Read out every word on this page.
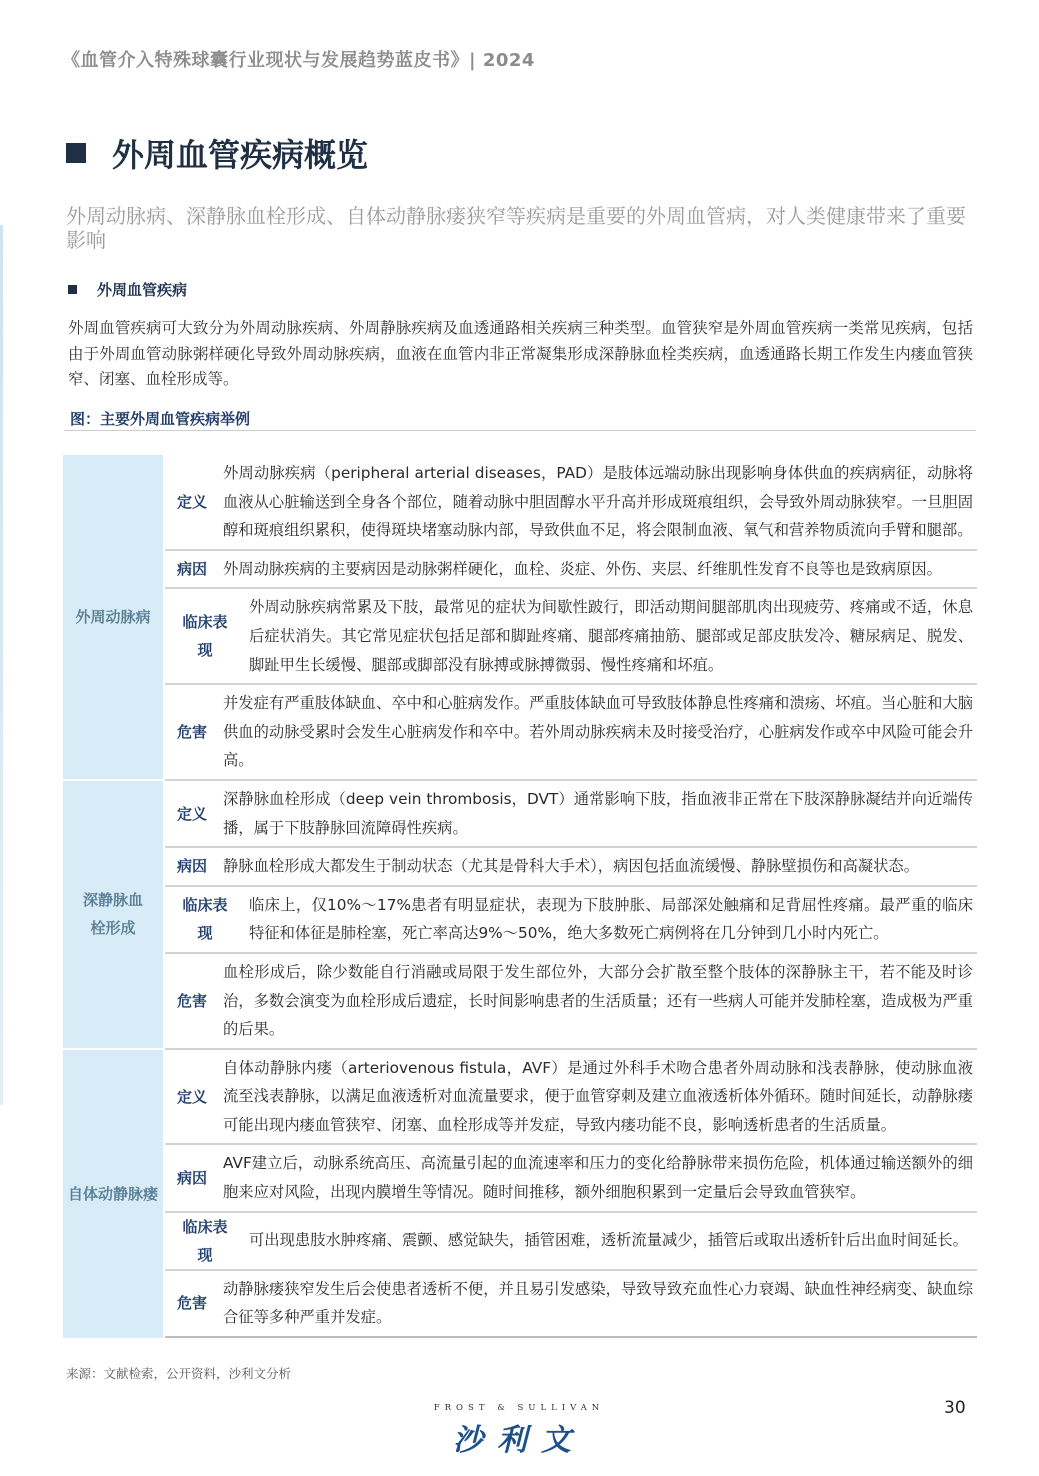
《血管介入特殊球囊行业现状与发展趋势蓝皮书》| 2024
外周血管疾病概览
外周动脉病、深静脉血栓形成、自体动静脉瘘狭窄等疾病是重要的外周血管病，对人类健康带来了重要影响
外周血管疾病
外周血管疾病可大致分为外周动脉疾病、外周静脉疾病及血透通路相关疾病三种类型。血管狭窄是外周血管疾病一类常见疾病，包括由于外周血管动脉粥样硬化导致外周动脉疾病，血液在血管内非正常凝集形成深静脉血栓类疾病，血透通路长期工作发生内瘘血管狭窄、闭塞、血栓形成等。
图：主要外周血管疾病举例
外周动脉病
定义
外周动脉疾病（peripheral arterial diseases，PAD）是肢体远端动脉出现影响身体供血的疾病病征，动脉将血液从心脏输送到全身各个部位，随着动脉中胆固醇水平升高并形成斑痕组织，会导致外周动脉狭窄。一旦胆固醇和斑痕组织累积，使得斑块堵塞动脉内部，导致供血不足，将会限制血液、氧气和营养物质流向手臂和腿部。
病因	外周动脉疾病的主要病因是动脉粥样硬化，血栓、炎症、外伤、夹层、纤维肌性发育不良等也是致病原因。
临床表现
外周动脉疾病常累及下肢，最常见的症状为间歇性跛行，即活动期间腿部肌肉出现疲劳、疼痛或不适，休息后症状消失。其它常见症状包括足部和脚趾疼痛、腿部疼痛抽筋、腿部或足部皮肤发冷、糖尿病足、脱发、脚趾甲生长缓慢、腿部或脚部没有脉搏或脉搏微弱、慢性疼痛和坏疽。
危害
并发症有严重肢体缺血、卒中和心脏病发作。严重肢体缺血可导致肢体静息性疼痛和溃疡、坏疽。当心脏和大脑供血的动脉受累时会发生心脏病发作和卒中。若外周动脉疾病未及时接受治疗，心脏病发作或卒中风险可能会升高。
深静脉血栓形成
定义
深静脉血栓形成（deep vein thrombosis，DVT）通常影响下肢，指血液非正常在下肢深静脉凝结并向近端传播，属于下肢静脉回流障碍性疾病。
病因	静脉血栓形成大都发生于制动状态（尤其是骨科大手术），病因包括血流缓慢、静脉壁损伤和高凝状态。
临床表现
临床上，仅10%～17%患者有明显症状，表现为下肢肿胀、局部深处触痛和足背屈性疼痛。最严重的临床特征和体征是肺栓塞，死亡率高达9%～50%，绝大多数死亡病例将在几分钟到几小时内死亡。
危害
血栓形成后，除少数能自行消融或局限于发生部位外，大部分会扩散至整个肢体的深静脉主干，若不能及时诊治，多数会演变为血栓形成后遗症，长时间影响患者的生活质量；还有一些病人可能并发肺栓塞，造成极为严重的后果。
自体动静脉瘘
定义
自体动静脉内瘘（arteriovenous fistula，AVF）是通过外科手术吻合患者外周动脉和浅表静脉，使动脉血液流至浅表静脉，以满足血液透析对血流量要求，便于血管穿刺及建立血液透析体外循环。随时间延长，动静脉瘘可能出现内瘘血管狭窄、闭塞、血栓形成等并发症，导致内瘘功能不良，影响透析患者的生活质量。
病因
AVF建立后，动脉系统高压、高流量引起的血流速率和压力的变化给静脉带来损伤危险，机体通过输送额外的细胞来应对风险，出现内膜增生等情况。随时间推移，额外细胞积累到一定量后会导致血管狭窄。
临床表现
可出现患肢水肿疼痛、震颤、感觉缺失，插管困难，透析流量减少，插管后或取出透析针后出血时间延长。
危害
动静脉瘘狭窄发生后会使患者透析不便，并且易引发感染，导致导致充血性心力衰竭、缺血性神经病变、缺血综合征等多种严重并发症。
来源：文献检索，公开资料，沙利文分析
FROST & SULLIVAN
沙利文
30
